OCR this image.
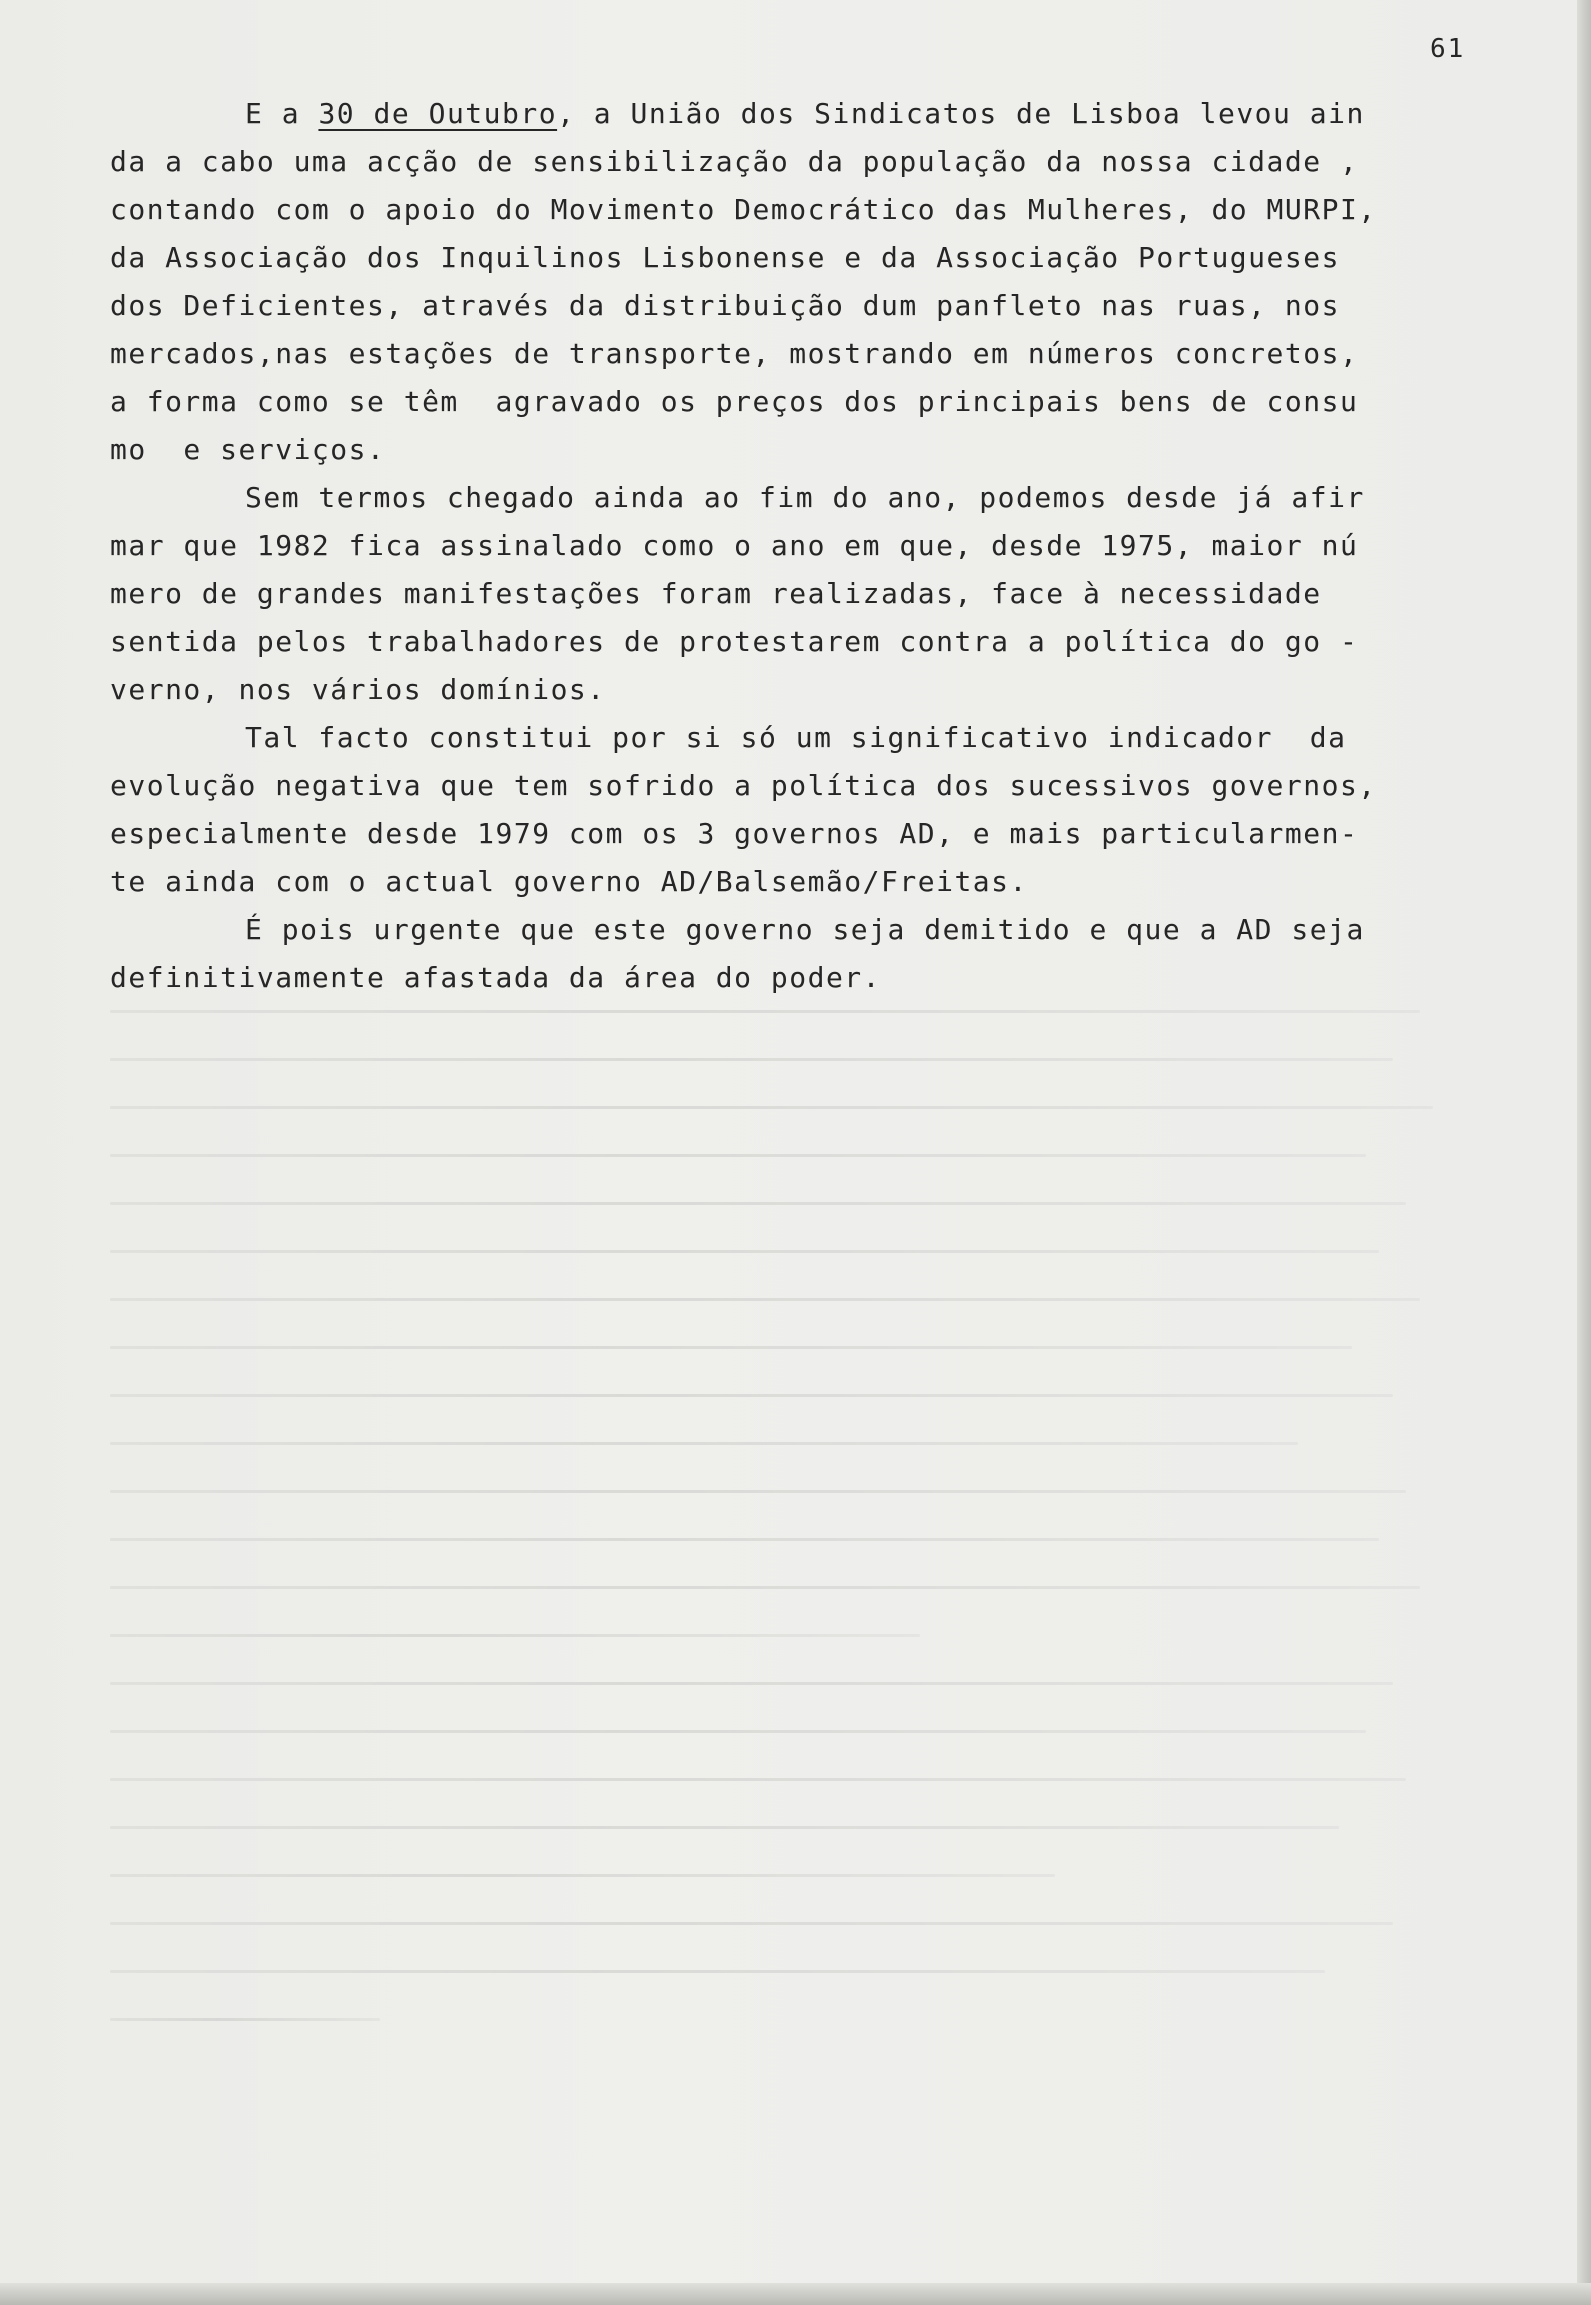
61
E a 30 de Outubro, a União dos Sindicatos de Lisboa levou ain
da a cabo uma acção de sensibilização da população da nossa cidade ,
contando com o apoio do Movimento Democrático das Mulheres, do MURPI,
da Associação dos Inquilinos Lisbonense e da Associação Portugueses
dos Deficientes, através da distribuição dum panfleto nas ruas, nos
mercados,nas estações de transporte, mostrando em números concretos,
a forma como se têm  agravado os preços dos principais bens de consu
mo  e serviços.
Sem termos chegado ainda ao fim do ano, podemos desde já afir
mar que 1982 fica assinalado como o ano em que, desde 1975, maior nú
mero de grandes manifestações foram realizadas, face à necessidade
sentida pelos trabalhadores de protestarem contra a política do go -
verno, nos vários domínios.
Tal facto constitui por si só um significativo indicador  da
evolução negativa que tem sofrido a política dos sucessivos governos,
especialmente desde 1979 com os 3 governos AD, e mais particularmen-
te ainda com o actual governo AD/Balsemão/Freitas.
É pois urgente que este governo seja demitido e que a AD seja
definitivamente afastada da área do poder.
